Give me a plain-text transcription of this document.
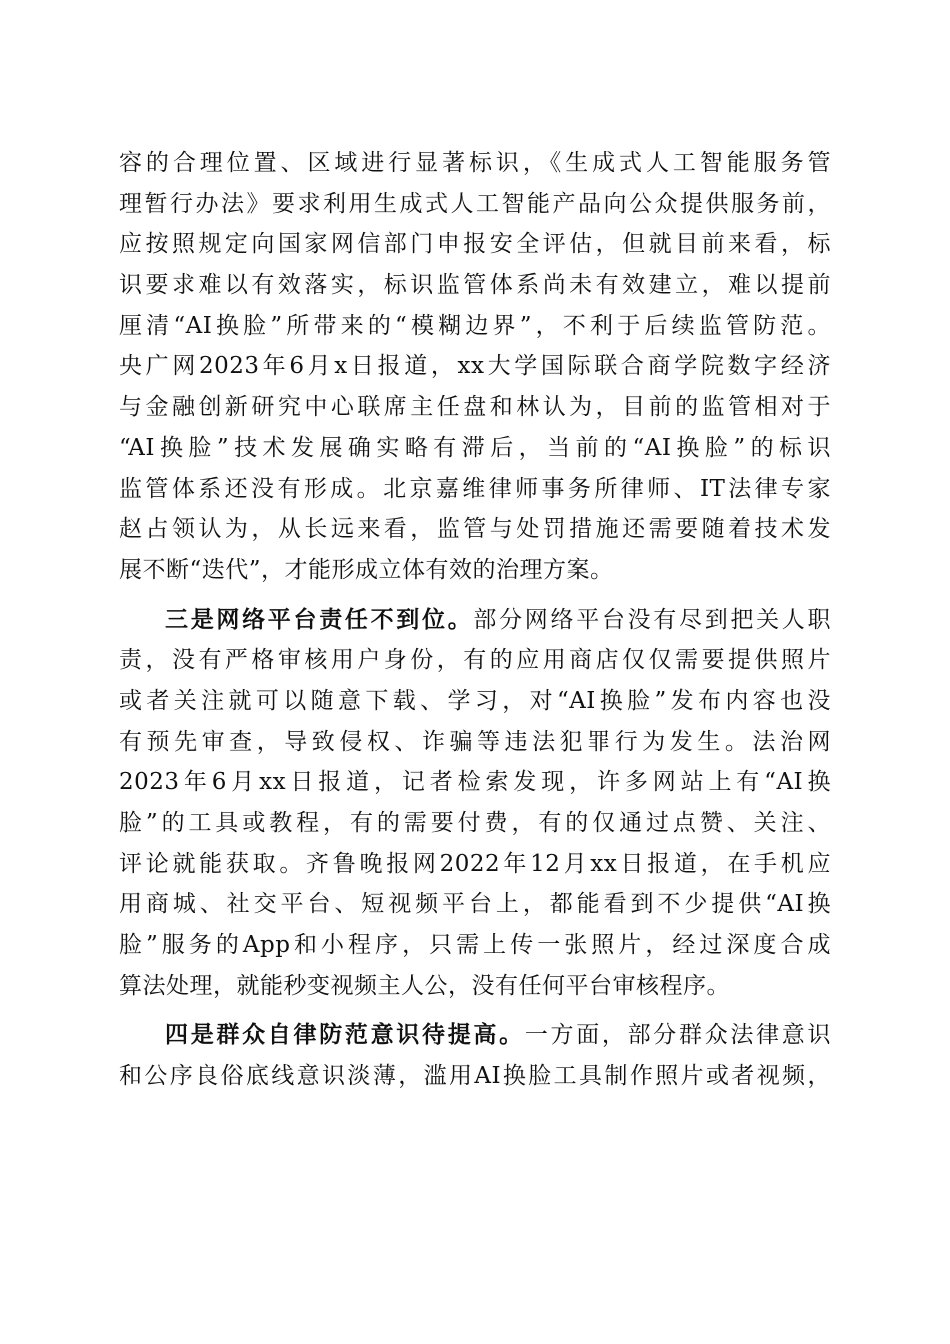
容的合理位置、区域进行显著标识，《生成式人工智能服务管
理暂行办法》要求利用生成式人工智能产品向公众提供服务前，
应按照规定向国家网信部门申报安全评估，但就目前来看，标
识要求难以有效落实，标识监管体系尚未有效建立，难以提前
厘清“AI换脸”所带来的“模糊边界”，不利于后续监管防范。
央广网2023年6月x日报道，xx大学国际联合商学院数字经济
与金融创新研究中心联席主任盘和林认为，目前的监管相对于
“AI换脸”技术发展确实略有滞后，当前的“AI换脸”的标识
监管体系还没有形成。北京嘉维律师事务所律师、IT法律专家
赵占领认为，从长远来看，监管与处罚措施还需要随着技术发
展不断“迭代”，才能形成立体有效的治理方案。
三是网络平台责任不到位。部分网络平台没有尽到把关人职
责，没有严格审核用户身份，有的应用商店仅仅需要提供照片
或者关注就可以随意下载、学习，对“AI换脸”发布内容也没
有预先审查，导致侵权、诈骗等违法犯罪行为发生。法治网
2023年6月xx日报道，记者检索发现，许多网站上有“AI换
脸”的工具或教程，有的需要付费，有的仅通过点赞、关注、
评论就能获取。齐鲁晚报网2022年12月xx日报道，在手机应
用商城、社交平台、短视频平台上，都能看到不少提供“AI换
脸”服务的App和小程序，只需上传一张照片，经过深度合成
算法处理，就能秒变视频主人公，没有任何平台审核程序。
四是群众自律防范意识待提高。一方面，部分群众法律意识
和公序良俗底线意识淡薄，滥用AI换脸工具制作照片或者视频，
